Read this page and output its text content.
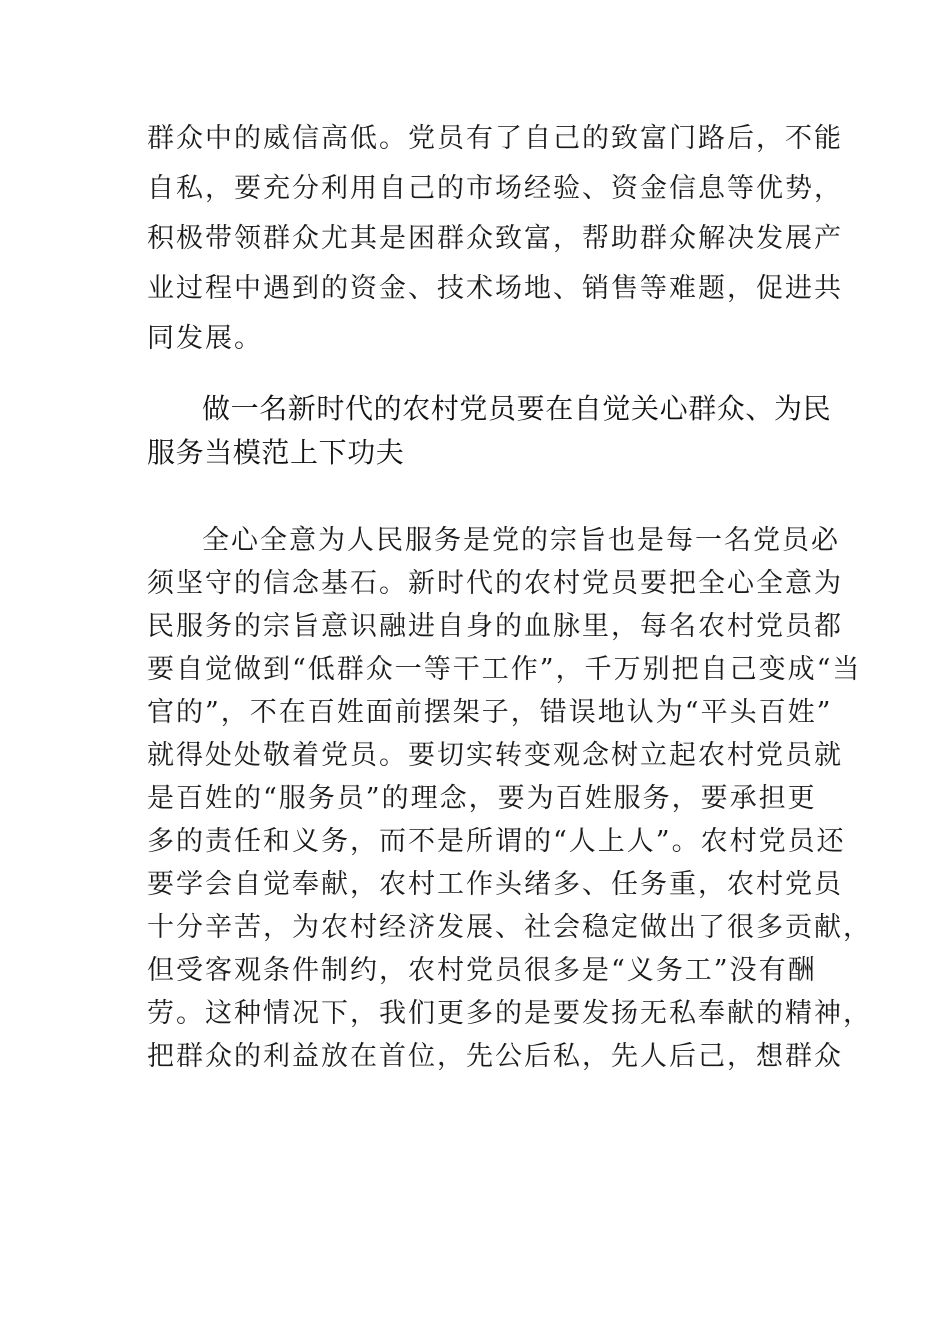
群众中的威信高低。党员有了自己的致富门路后，不能
自私，要充分利用自己的市场经验、资金信息等优势，
积极带领群众尤其是困群众致富，帮助群众解决发展产
业过程中遇到的资金、技术场地、销售等难题，促进共
同发展。
做一名新时代的农村党员要在自觉关心群众、为民
服务当模范上下功夫
全心全意为人民服务是党的宗旨也是每一名党员必
须坚守的信念基石。新时代的农村党员要把全心全意为
民服务的宗旨意识融进自身的血脉里，每名农村党员都
要自觉做到“低群众一等干工作”，千万别把自己变成“当
官的”，不在百姓面前摆架子，错误地认为“平头百姓”
就得处处敬着党员。要切实转变观念树立起农村党员就
是百姓的“服务员”的理念，要为百姓服务，要承担更
多的责任和义务，而不是所谓的“人上人”。农村党员还
要学会自觉奉献，农村工作头绪多、任务重，农村党员
十分辛苦，为农村经济发展、社会稳定做出了很多贡献，
但受客观条件制约，农村党员很多是“义务工”没有酬
劳。这种情况下，我们更多的是要发扬无私奉献的精神，
把群众的利益放在首位，先公后私，先人后己，想群众
